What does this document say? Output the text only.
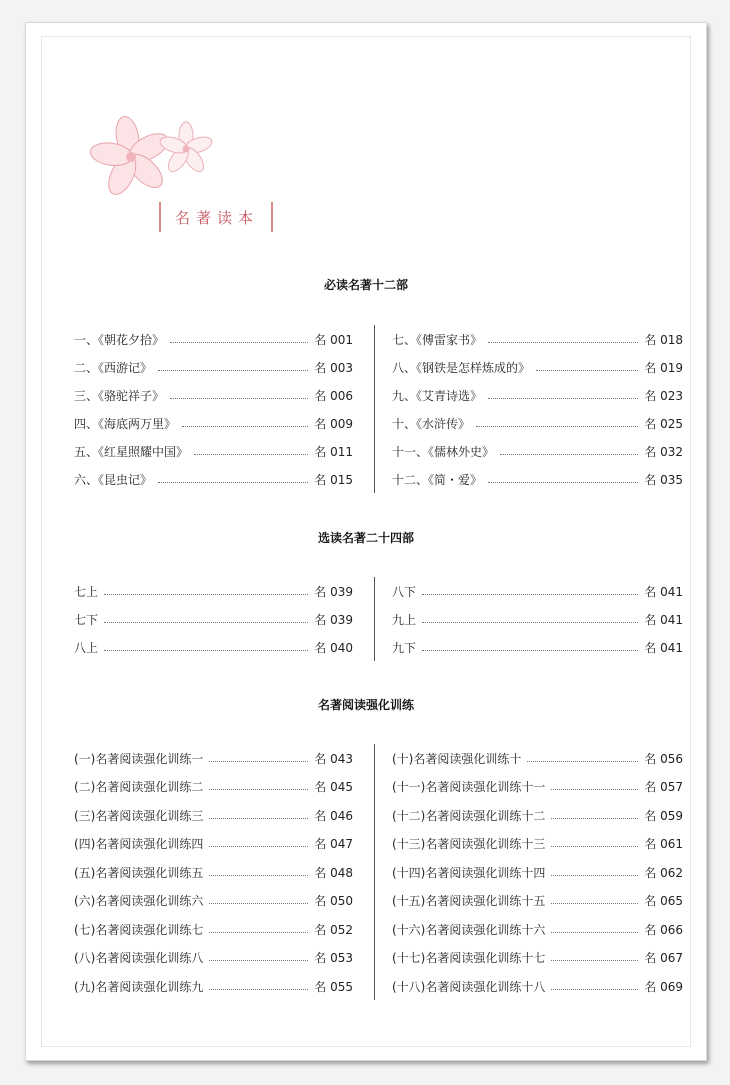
名著读本
必读名著十二部
一、《朝花夕拾》	名 001
二、《西游记》	名 003
三、《骆驼祥子》	名 006
四、《海底两万里》	名 009
五、《红星照耀中国》	名 011
六、《昆虫记》	名 015
七、《傅雷家书》	名 018
八、《钢铁是怎样炼成的》	名 019
九、《艾青诗选》	名 023
十、《水浒传》	名 025
十一、《儒林外史》	名 032
十二、《简・爱》	名 035
选读名著二十四部
七上	名 039
七下	名 039
八上	名 040
八下	名 041
九上	名 041
九下	名 041
名著阅读强化训练
(一)名著阅读强化训练一	名 043
(二)名著阅读强化训练二	名 045
(三)名著阅读强化训练三	名 046
(四)名著阅读强化训练四	名 047
(五)名著阅读强化训练五	名 048
(六)名著阅读强化训练六	名 050
(七)名著阅读强化训练七	名 052
(八)名著阅读强化训练八	名 053
(九)名著阅读强化训练九	名 055
(十)名著阅读强化训练十	名 056
(十一)名著阅读强化训练十一	名 057
(十二)名著阅读强化训练十二	名 059
(十三)名著阅读强化训练十三	名 061
(十四)名著阅读强化训练十四	名 062
(十五)名著阅读强化训练十五	名 065
(十六)名著阅读强化训练十六	名 066
(十七)名著阅读强化训练十七	名 067
(十八)名著阅读强化训练十八	名 069
